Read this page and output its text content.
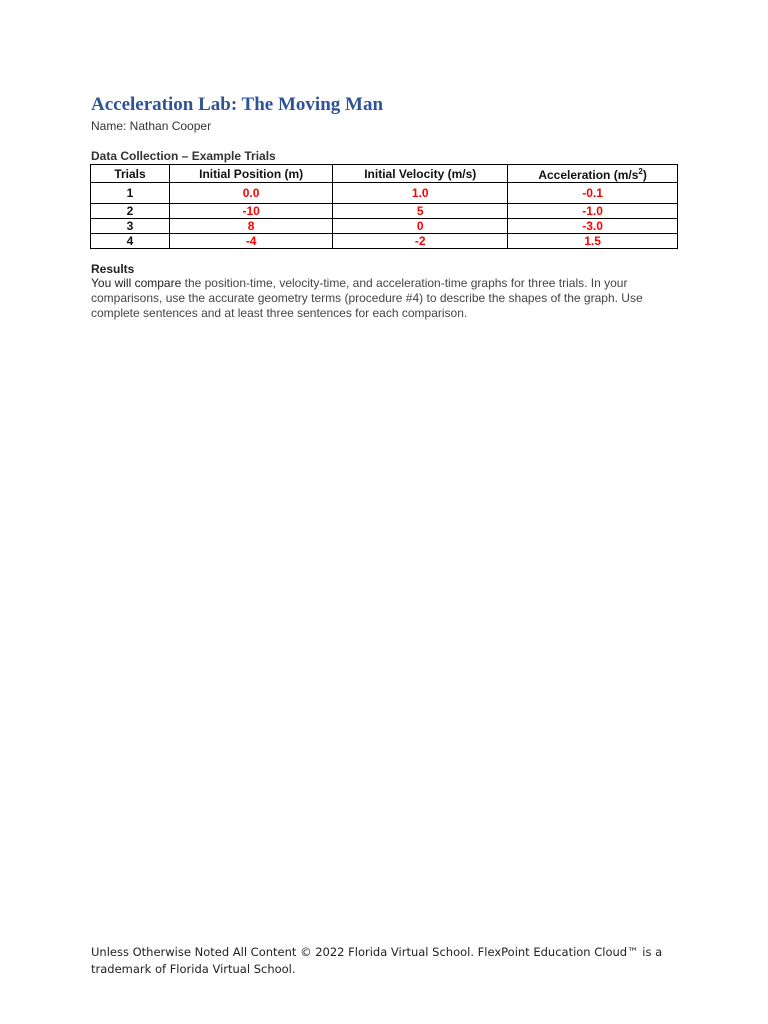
Acceleration Lab: The Moving Man
Name: Nathan Cooper
Data Collection – Example Trials
Trials	Initial Position (m)	Initial Velocity (m/s)	Acceleration $(m/s^2)$
1	0.0	1.0	-0.1
2	-10	5	-1.0
3	8	0	-3.0
4	-4	-2	1.5
Results

You will compare the position-time, velocity-time, and acceleration-time graphs for three trials. In your comparisons, use the accurate geometry terms (procedure #4) to describe the shapes of the graph. Use complete sentences and at least three sentences for each comparison.

Unless Otherwise Noted All Content © 2022 Florida Virtual School. FlexPoint Education Cloud™ is a trademark of Florida Virtual School.
